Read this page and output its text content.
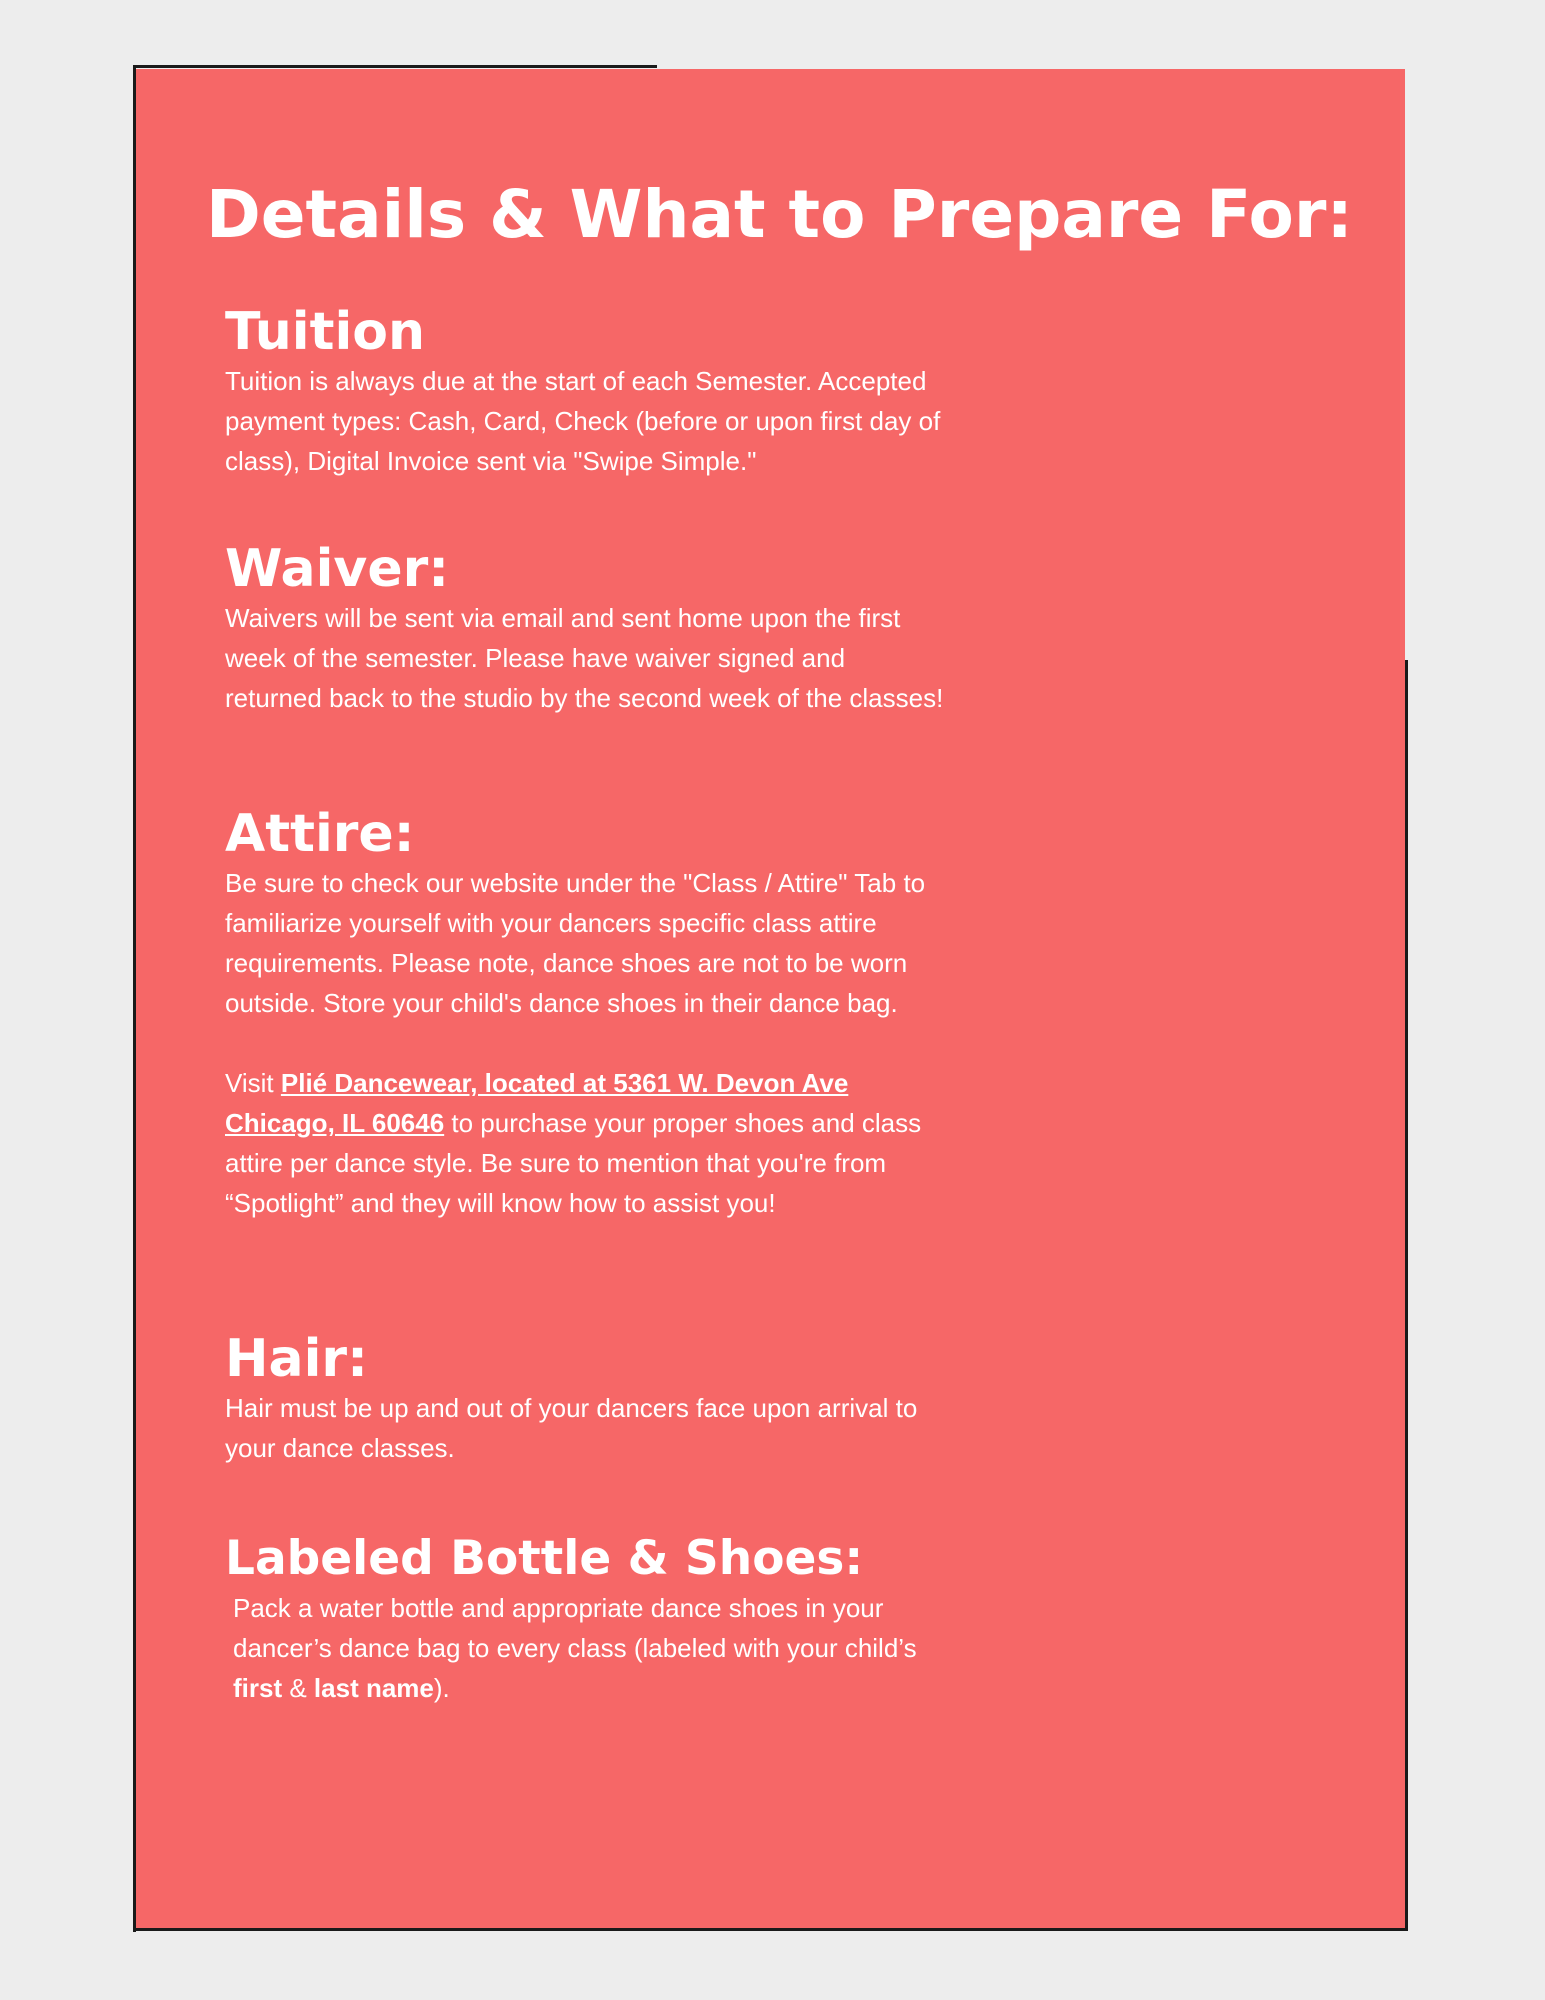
Details & What to Prepare For:
Tuition

Tuition is always due at the start of each Semester. Accepted payment types: Cash, Card, Check (before or upon first day of class), Digital Invoice sent via "Swipe Simple."

Waiver:

Waivers will be sent via email and sent home upon the first week of the semester. Please have waiver signed and returned back to the studio by the second week of the classes!

Attire:

Be sure to check our website under the "Class / Attire" Tab to familiarize yourself with your dancers specific class attire requirements. Please note, dance shoes are not to be worn outside. Store your child's dance shoes in their dance bag.

Visit Plié Dancewear, located at 5361 W. Devon Ave Chicago, IL 60646 to purchase your proper shoes and class attire per dance style. Be sure to mention that you're from “Spotlight” and they will know how to assist you!

Hair:

Hair must be up and out of your dancers face upon arrival to your dance classes.

Labeled Bottle & Shoes:

Pack a water bottle and appropriate dance shoes in your dancer’s dance bag to every class (labeled with your child’s first & last name).
